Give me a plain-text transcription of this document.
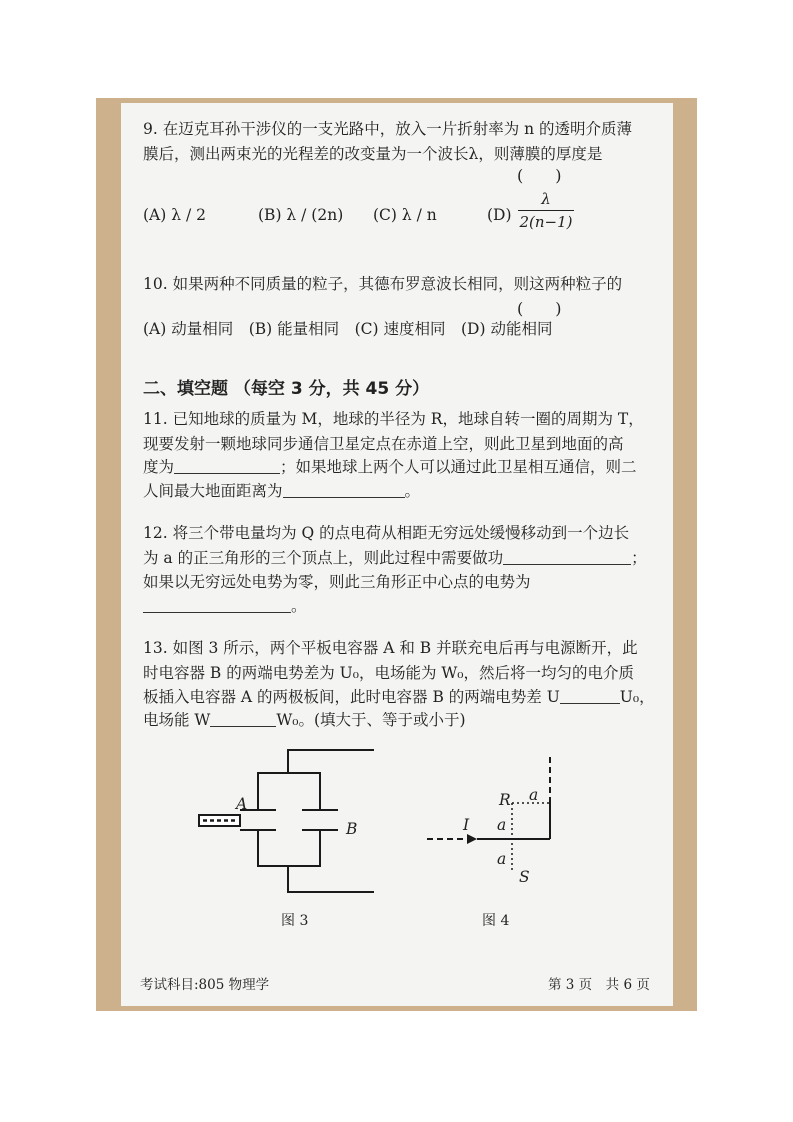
9. 在迈克耳孙干涉仪的一支光路中，放入一片折射率为 n 的透明介质薄
膜后，测出两束光的光程差的改变量为一个波长λ，则薄膜的厚度是
(　　)
(A) λ / 2	(B) λ / (2n) (C) λ / n	(D)
λ
2(n−1)
10. 如果两种不同质量的粒子，其德布罗意波长相同，则这两种粒子的
(　　)
(A) 动量相同　(B) 能量相同　(C) 速度相同　(D) 动能相同
二、填空题 （每空 3 分，共 45 分）
11. 已知地球的质量为 M，地球的半径为 R，地球自转一圈的周期为 T，
现要发射一颗地球同步通信卫星定点在赤道上空，则此卫星到地面的高
度为	；如果地球上两个人可以通过此卫星相互通信，则二
人间最大地面距离为	。
12. 将三个带电量均为 Q 的点电荷从相距无穷远处缓慢移动到一个边长
为 a 的正三角形的三个顶点上，则此过程中需要做功	；
如果以无穷远处电势为零，则此三角形正中心点的电势为
。
13. 如图 3 所示，两个平板电容器 A 和 B 并联充电后再与电源断开，此
时电容器 B 的两端电势差为 U₀，电场能为 W₀，然后将一均匀的电介质
板插入电容器 A 的两极板间，此时电容器 B 的两端电势差 U	U₀，
电场能 W	W₀。(填大于、等于或小于)
A
B
图 3
R a
I a
a
S
图 4
考试科目:805 物理学	第 3 页　共 6 页
